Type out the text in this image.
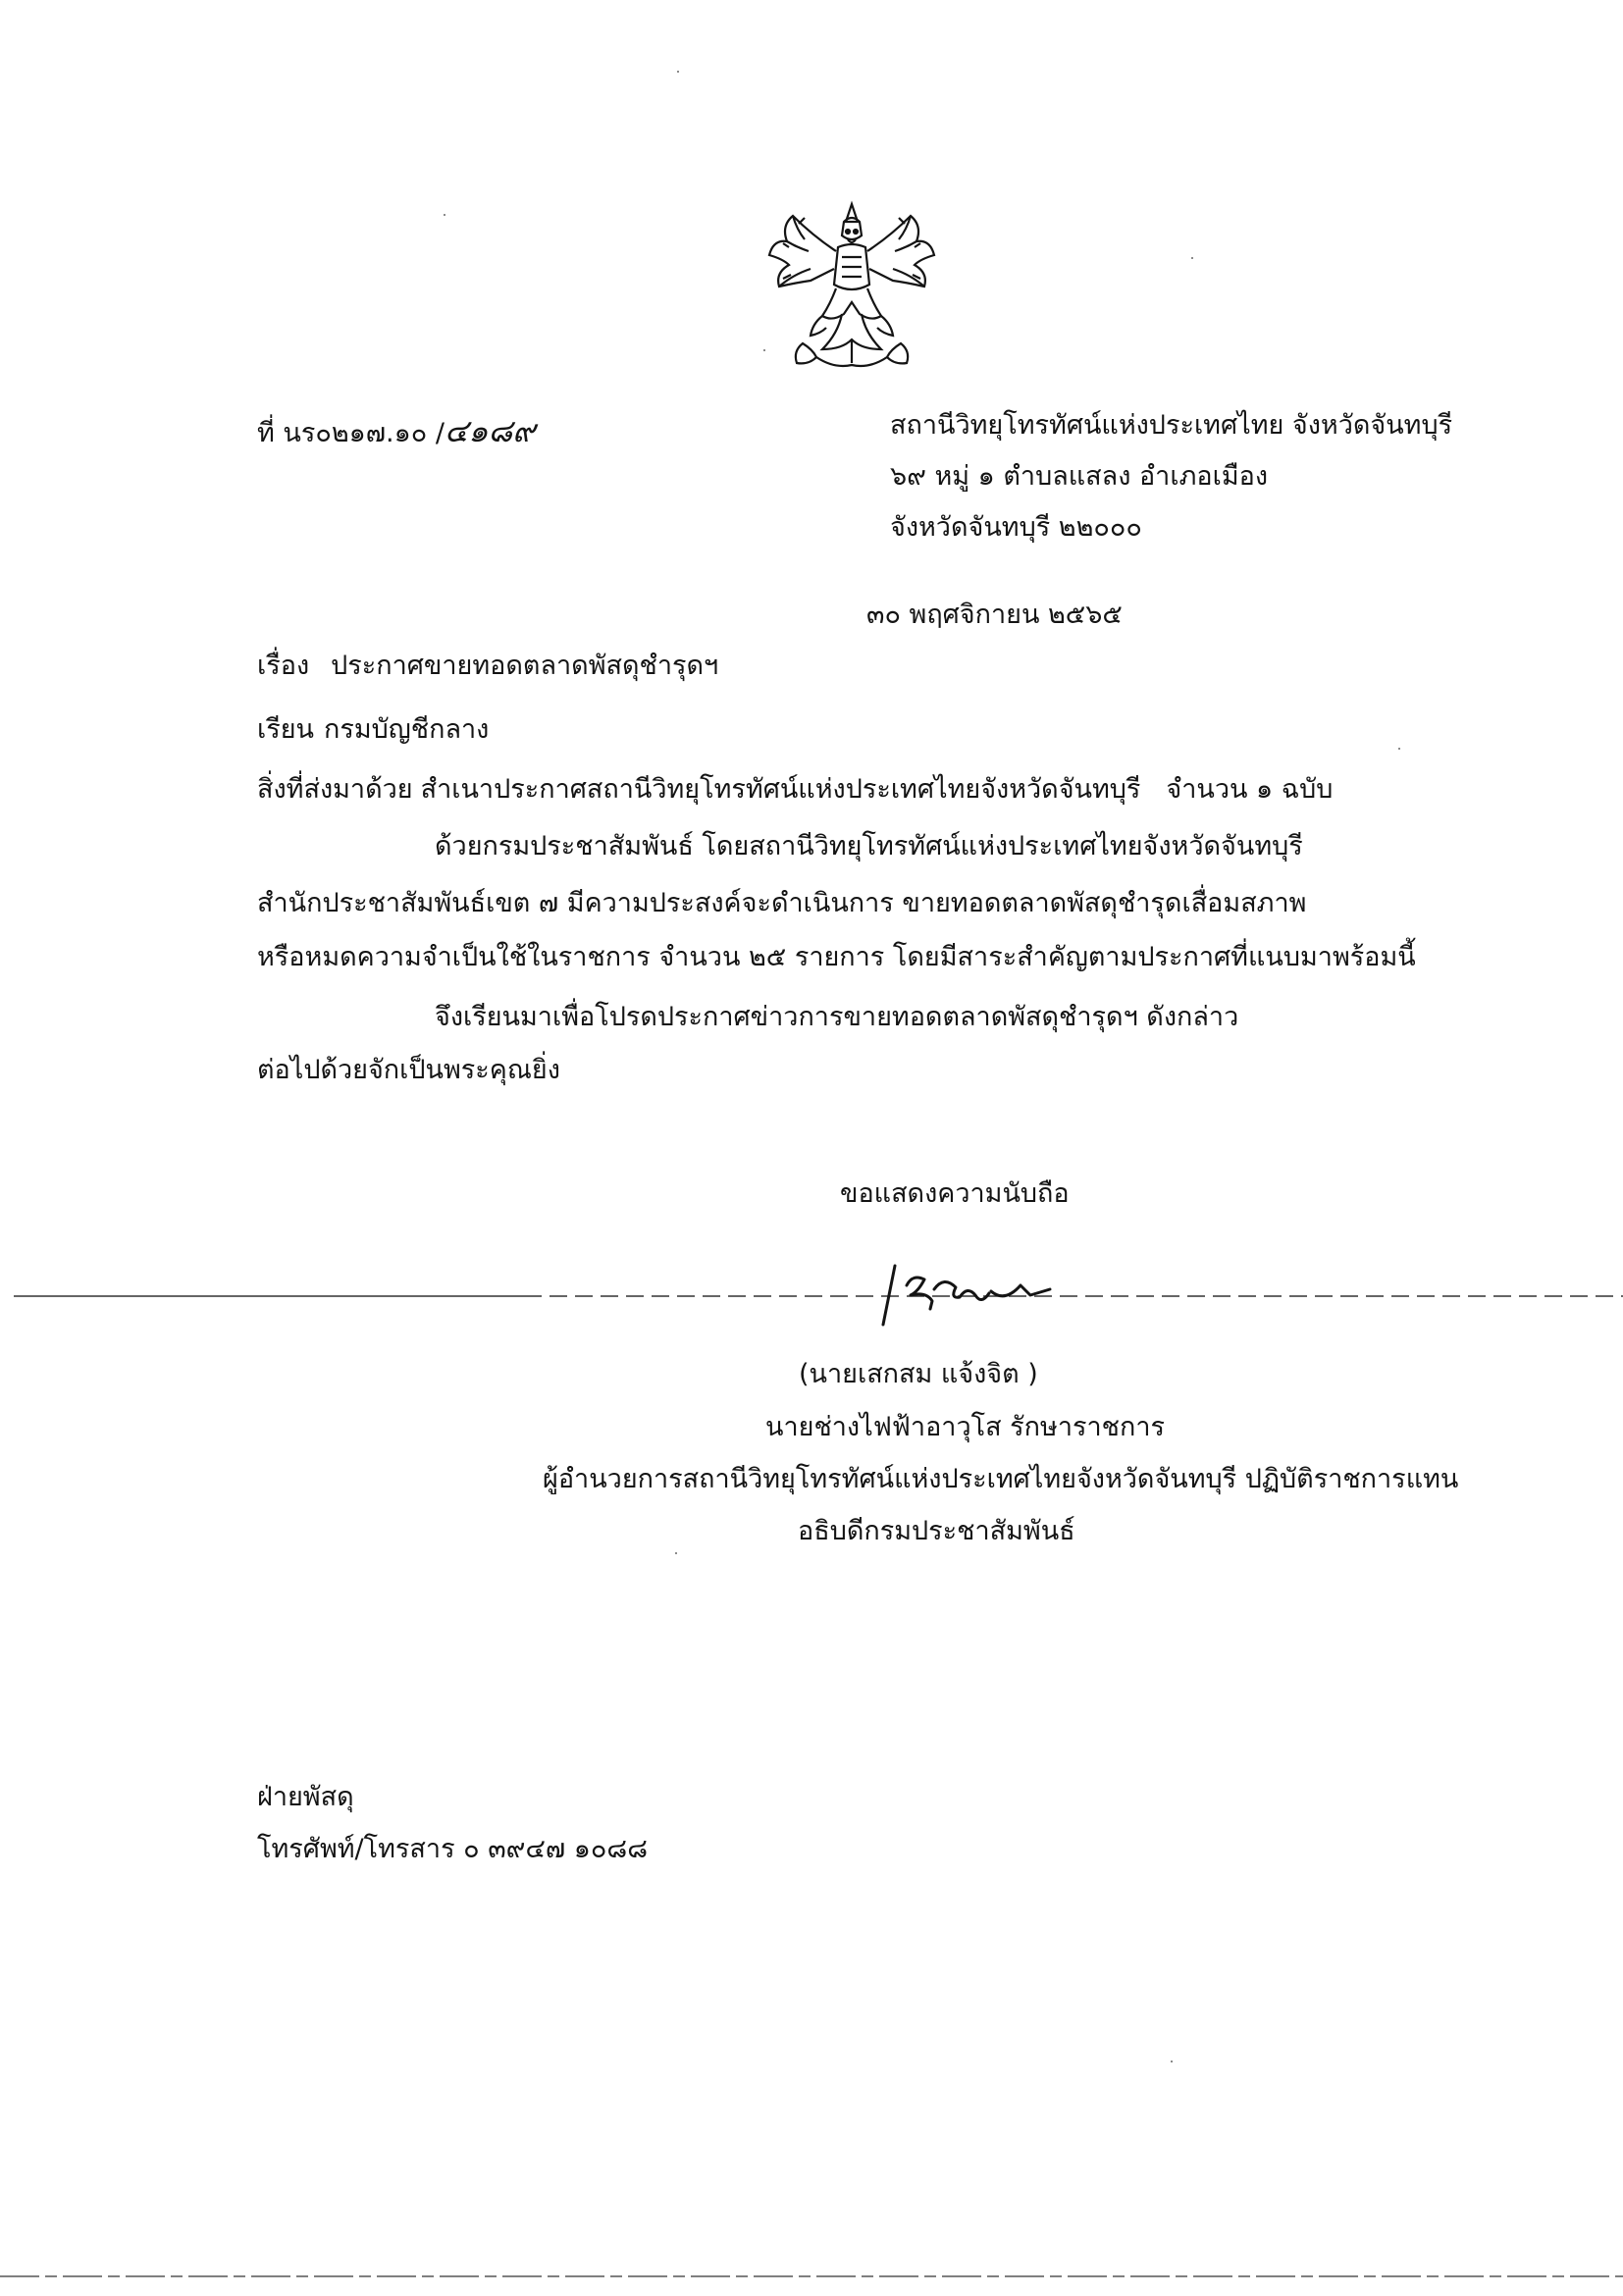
ที่ นร๐๒๑๗.๑๐ /๔๑๘๙	สถานีวิทยุโทรทัศน์แห่งประเทศไทย จังหวัดจันทบุรี
๖๙ หมู่ ๑ ตำบลแสลง อำเภอเมือง
จังหวัดจันทบุรี ๒๒๐๐๐
๓๐ พฤศจิกายน ๒๕๖๕
เรื่อง ประกาศขายทอดตลาดพัสดุชำรุดฯ
เรียน กรมบัญชีกลาง
สิ่งที่ส่งมาด้วย สำเนาประกาศสถานีวิทยุโทรทัศน์แห่งประเทศไทยจังหวัดจันทบุรี จำนวน ๑ ฉบับ
ด้วยกรมประชาสัมพันธ์ โดยสถานีวิทยุโทรทัศน์แห่งประเทศไทยจังหวัดจันทบุรี
สำนักประชาสัมพันธ์เขต ๗ มีความประสงค์จะดำเนินการ ขายทอดตลาดพัสดุชำรุดเสื่อมสภาพ
หรือหมดความจำเป็นใช้ในราชการ จำนวน ๒๕ รายการ โดยมีสาระสำคัญตามประกาศที่แนบมาพร้อมนี้
จึงเรียนมาเพื่อโปรดประกาศข่าวการขายทอดตลาดพัสดุชำรุดฯ ดังกล่าว
ต่อไปด้วยจักเป็นพระคุณยิ่ง
ขอแสดงความนับถือ
(นายเสกสม แจ้งจิต )
นายช่างไฟฟ้าอาวุโส รักษาราชการ
ผู้อำนวยการสถานีวิทยุโทรทัศน์แห่งประเทศไทยจังหวัดจันทบุรี ปฏิบัติราชการแทน
อธิบดีกรมประชาสัมพันธ์
ฝ่ายพัสดุ
โทรศัพท์/โทรสาร ๐ ๓๙๔๗ ๑๐๘๘
